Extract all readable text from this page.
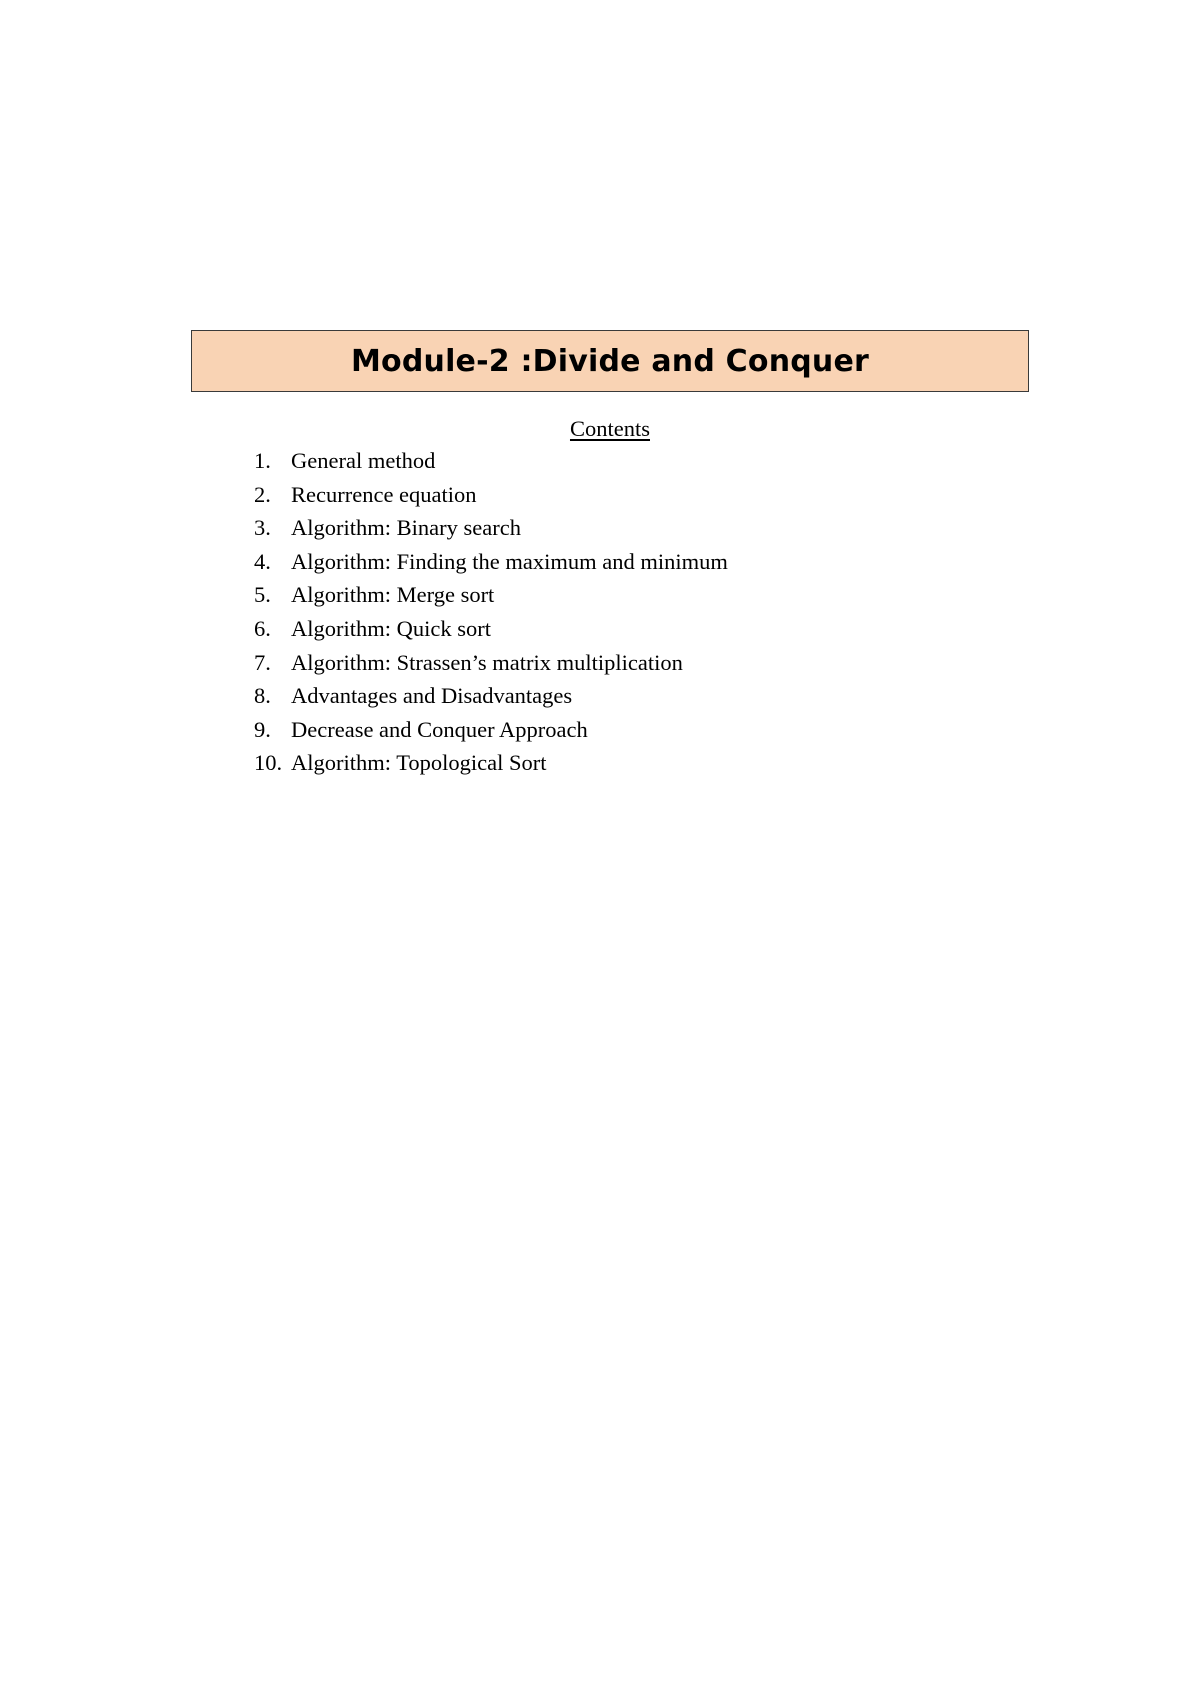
Module-2 :Divide and Conquer
Contents
1. General method
2. Recurrence equation
3. Algorithm: Binary search
4. Algorithm: Finding the maximum and minimum
5. Algorithm: Merge sort
6. Algorithm: Quick sort
7. Algorithm: Strassen’s matrix multiplication
8. Advantages and Disadvantages
9. Decrease and Conquer Approach
10. Algorithm: Topological Sort
